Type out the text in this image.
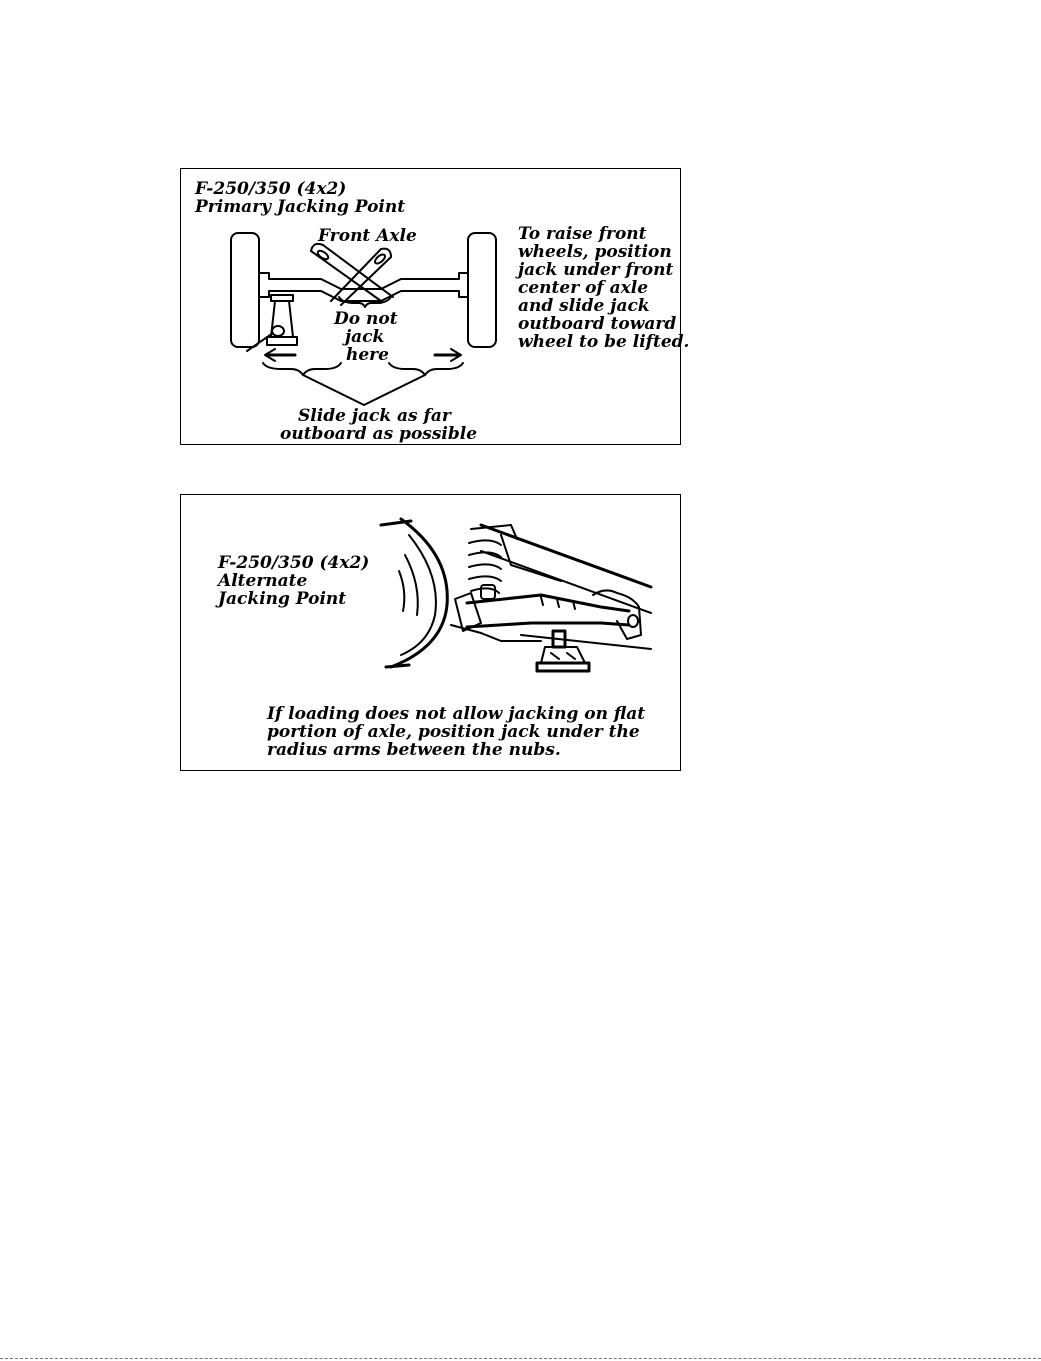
F-250/350 (4x2)
Primary Jacking Point
Front Axle
Do not
jack
here
Slide jack as far
outboard as possible
To raise front
wheels, position
jack under front
center of axle
and slide jack
outboard toward
wheel to be lifted.
F-250/350 (4x2)
Alternate
Jacking Point
If loading does not allow jacking on flat
portion of axle, position jack under the
radius arms between the nubs.
